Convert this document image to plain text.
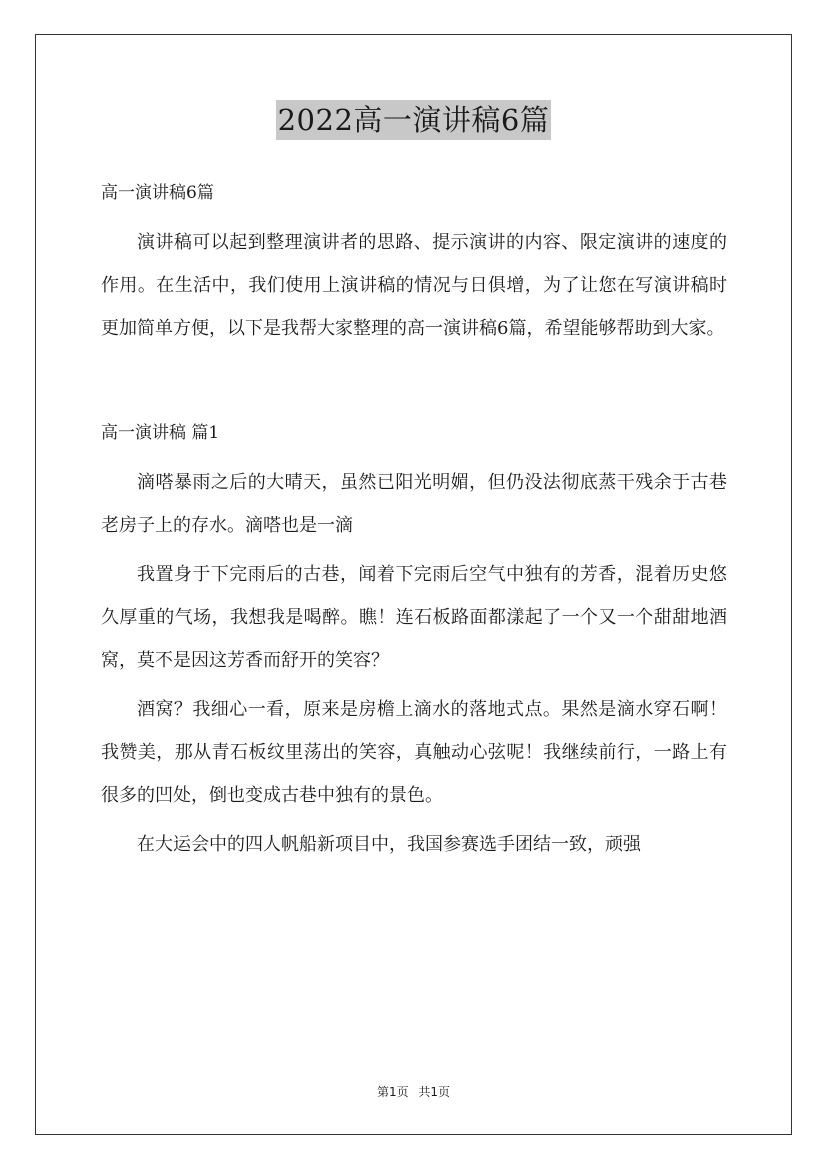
2022高一演讲稿6篇

高一演讲稿6篇

演讲稿可以起到整理演讲者的思路、提示演讲的内容、限定演讲的速度的作用。在生活中，我们使用上演讲稿的情况与日俱增，为了让您在写演讲稿时更加简单方便，以下是我帮大家整理的高一演讲稿6篇，希望能够帮助到大家。

高一演讲稿 篇1

滴嗒暴雨之后的大晴天，虽然已阳光明媚，但仍没法彻底蒸干残余于古巷老房子上的存水。滴嗒也是一滴

我置身于下完雨后的古巷，闻着下完雨后空气中独有的芳香，混着历史悠久厚重的气场，我想我是喝醉。瞧！连石板路面都漾起了一个又一个甜甜地酒窝，莫不是因这芳香而舒开的笑容？

酒窝？我细心一看，原来是房檐上滴水的落地式点。果然是滴水穿石啊！我赞美，那从青石板纹里荡出的笑容，真触动心弦呢！我继续前行，一路上有很多的凹处，倒也变成古巷中独有的景色。

在大运会中的四人帆船新项目中，我国参赛选手团结一致，顽强

第1页 共1页
